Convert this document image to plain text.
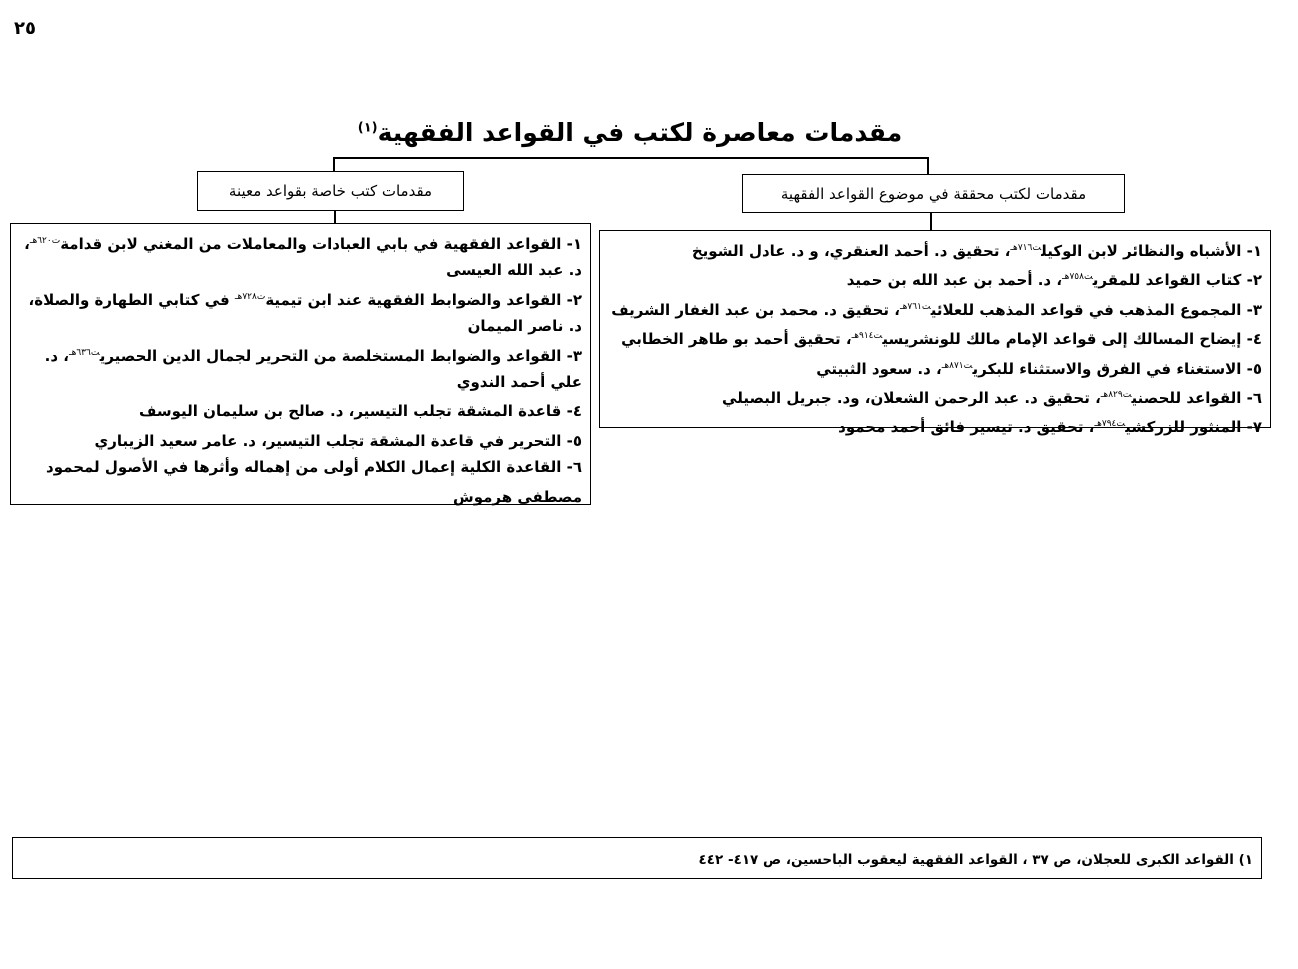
٢٥
مقدمات معاصرة لكتب في القواعد الفقهية$^{(١)}$
مقدمات كتب خاصة بقواعد معينة	مقدمات لكتب محققة في موضوع القواعد الفقهية

١- الأشباه والنظائر لابن الوكيل$^{ت٧١٦هـ}$، تحقيق د. أحمد العنقري، و د. عادل الشويخ

٢- كتاب القواعد للمقري$^{ت٧٥٨هـ}$، د. أحمد بن عبد الله بن حميد

٣- المجموع المذهب في قواعد المذهب للعلائي$^{ت٧٦١هـ}$، تحقيق د. محمد بن عبد الغفار الشريف

٤- إيضاح المسالك إلى قواعد الإمام مالك للونشريسي$^{ت٩١٤هـ}$، تحقيق أحمد بو طاهر الخطابي

٥- الاستغناء في الفرق والاستثناء للبكري$^{ت٨٧١هـ}$، د. سعود الثبيتي

٦- القواعد للحصني$^{ت٨٢٩هـ}$، تحقيق د. عبد الرحمن الشعلان، ود. جبريل البصيلي

٧- المنثور للزركشي$^{ت٧٩٤هـ}$، تحقيق د. تيسير فائق أحمد محمود

١- القواعد الفقهية في بابي العبادات والمعاملات من المغني لابن قدامة$^{ت٦٢٠هـ}$، د. عبد الله العيسى

٢- القواعد والضوابط الفقهية عند ابن تيمية$^{ت٧٢٨هـ}$ في كتابي الطهارة والصلاة، د. ناصر الميمان

٣- القواعد والضوابط المستخلصة من التحرير لجمال الدين الحصيري$^{ت٦٣٦هـ}$، د. علي أحمد الندوي

٤- قاعدة المشقة تجلب التيسير، د. صالح بن سليمان اليوسف

٥- التحرير في قاعدة المشقة تجلب التيسير، د. عامر سعيد الزيباري

٦- القاعدة الكلية إعمال الكلام أولى من إهماله وأثرها في الأصول لمحمود مصطفى هرموش

١) القواعد الكبرى للعجلان، ص ٣٧ ، القواعد الفقهية ليعقوب الباحسين، ص ٤١٧- ٤٤٢
